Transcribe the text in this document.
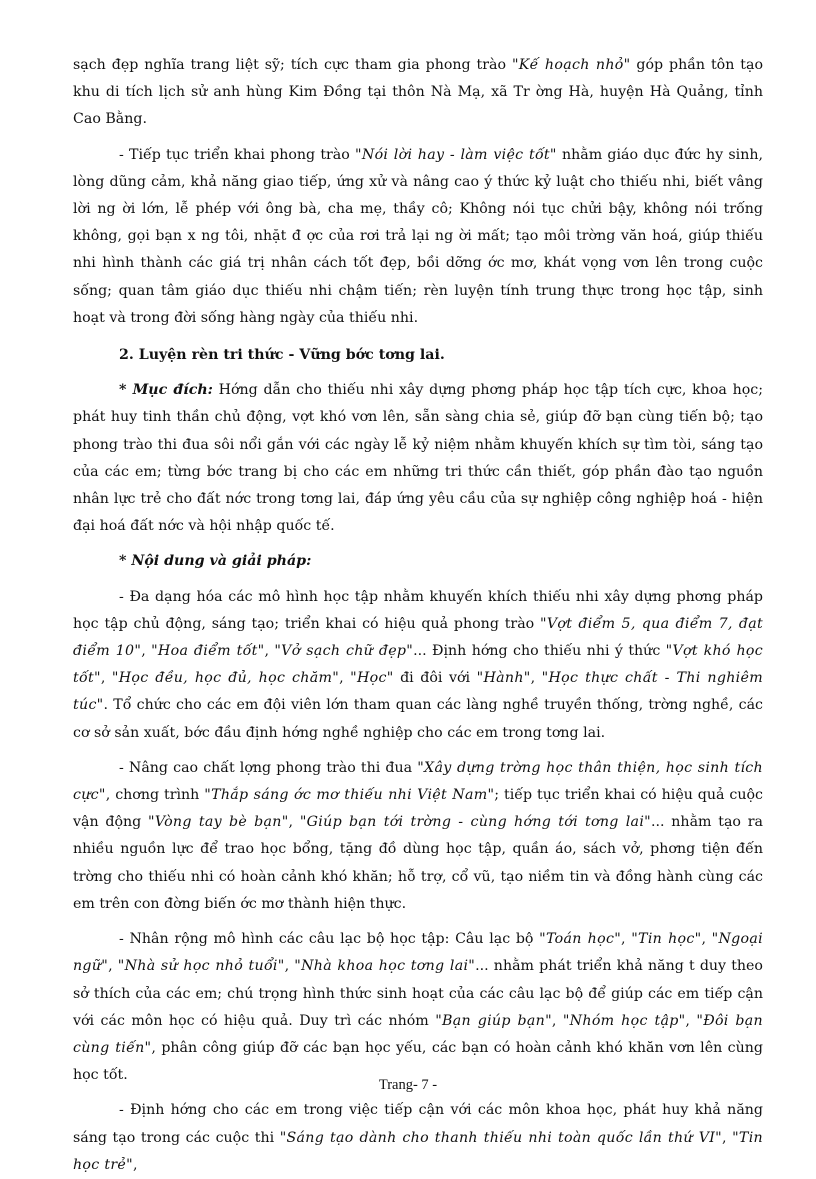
sạch đẹp nghĩa trang liệt sỹ; tích cực tham gia phong trào "Kế hoạch nhỏ" góp phần tôn tạo khu di tích lịch sử anh hùng Kim Đồng tại thôn Nà Mạ, xã Tr ờng Hà, huyện Hà Quảng, tỉnh Cao Bằng.

- Tiếp tục triển khai phong trào "Nói lời hay - làm việc tốt" nhằm giáo dục đức hy sinh, lòng dũng cảm, khả năng giao tiếp, ứng xử và nâng cao ý thức kỷ luật cho thiếu nhi, biết vâng lời ng ời lớn, lễ phép với ông bà, cha mẹ, thầy cô; Không nói tục chửi bậy, không nói trống không, gọi bạn x ng tôi, nhặt đ ợc của rơi trả lại ng ời mất; tạo môi trờng văn hoá, giúp thiếu nhi hình thành các giá trị nhân cách tốt đẹp, bồi dỡng ớc mơ, khát vọng vơn lên trong cuộc sống; quan tâm giáo dục thiếu nhi chậm tiến; rèn luyện tính trung thực trong học tập, sinh hoạt và trong đời sống hàng ngày của thiếu nhi.

2. Luyện rèn tri thức - Vững bớc tơng lai.

* Mục đích: Hớng dẫn cho thiếu nhi xây dựng phơng pháp học tập tích cực, khoa học; phát huy tinh thần chủ động, vợt khó vơn lên, sẵn sàng chia sẻ, giúp đỡ bạn cùng tiến bộ; tạo phong trào thi đua sôi nổi gắn với các ngày lễ kỷ niệm nhằm khuyến khích sự tìm tòi, sáng tạo của các em; từng bớc trang bị cho các em những tri thức cần thiết, góp phần đào tạo nguồn nhân lực trẻ cho đất nớc trong tơng lai, đáp ứng yêu cầu của sự nghiệp công nghiệp hoá - hiện đại hoá đất nớc và hội nhập quốc tế.

* Nội dung và giải pháp:

- Đa dạng hóa các mô hình học tập nhằm khuyến khích thiếu nhi xây dựng phơng pháp học tập chủ động, sáng tạo; triển khai có hiệu quả phong trào "Vợt điểm 5, qua điểm 7, đạt điểm 10", "Hoa điểm tốt", "Vở sạch chữ đẹp"... Định hớng cho thiếu nhi ý thức "Vợt khó học tốt", "Học đều, học đủ, học chăm", "Học" đi đôi với "Hành", "Học thực chất - Thi nghiêm túc". Tổ chức cho các em đội viên lớn tham quan các làng nghề truyền thống, trờng nghề, các cơ sở sản xuất, bớc đầu định hớng nghề nghiệp cho các em trong tơng lai.

- Nâng cao chất lợng phong trào thi đua "Xây dựng trờng học thân thiện, học sinh tích cực", chơng trình "Thắp sáng ớc mơ thiếu nhi Việt Nam"; tiếp tục triển khai có hiệu quả cuộc vận động "Vòng tay bè bạn", "Giúp bạn tới trờng - cùng hớng tới tơng lai"... nhằm tạo ra nhiều nguồn lực để trao học bổng, tặng đồ dùng học tập, quần áo, sách vở, phơng tiện đến trờng cho thiếu nhi có hoàn cảnh khó khăn; hỗ trợ, cổ vũ, tạo niềm tin và đồng hành cùng các em trên con đờng biến ớc mơ thành hiện thực.

- Nhân rộng mô hình các câu lạc bộ học tập: Câu lạc bộ "Toán học", "Tin học", "Ngoại ngữ", "Nhà sử học nhỏ tuổi", "Nhà khoa học tơng lai"... nhằm phát triển khả năng t duy theo sở thích của các em; chú trọng hình thức sinh hoạt của các câu lạc bộ để giúp các em tiếp cận với các môn học có hiệu quả. Duy trì các nhóm "Bạn giúp bạn", "Nhóm học tập", "Đôi bạn cùng tiến", phân công giúp đỡ các bạn học yếu, các bạn có hoàn cảnh khó khăn vơn lên cùng học tốt.

- Định hớng cho các em trong việc tiếp cận với các môn khoa học, phát huy khả năng sáng tạo trong các cuộc thi "Sáng tạo dành cho thanh thiếu nhi toàn quốc lần thứ VI", "Tin học trẻ",

Trang- 7 -
